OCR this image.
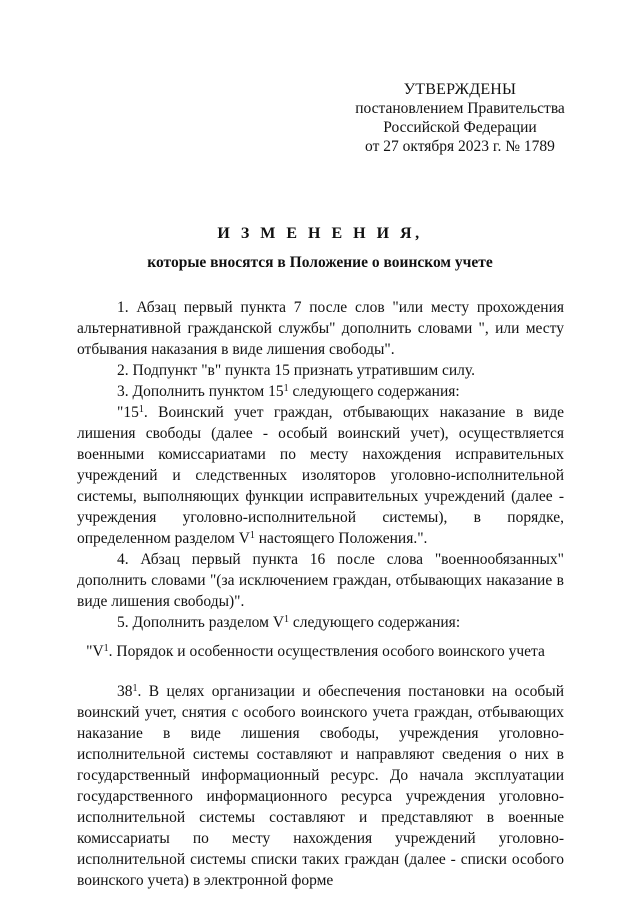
УТВЕРЖДЕНЫ
постановлением Правительства
Российской Федерации
от 27 октября 2023 г. № 1789
И З М Е Н Е Н И Я,
которые вносятся в Положение о воинском учете

1. Абзац первый пункта 7 после слов "или месту прохождения альтернативной гражданской службы" дополнить словами ", или месту отбывания наказания в виде лишения свободы".

2. Подпункт "в" пункта 15 признать утратившим силу.

3. Дополнить пунктом $15^1$ следующего содержания:

"$15^1$. Воинский учет граждан, отбывающих наказание в виде лишения свободы (далее - особый воинский учет), осуществляется военными комиссариатами по месту нахождения исправительных учреждений и следственных изоляторов уголовно-исполнительной системы, выполняющих функции исправительных учреждений (далее - учреждения уголовно-исполнительной системы), в порядке, определенном разделом $V^1$ настоящего Положения.".

4. Абзац первый пункта 16 после слова "военнообязанных" дополнить словами "(за исключением граждан, отбывающих наказание в виде лишения свободы)".

5. Дополнить разделом $V^1$ следующего содержания:

"$V^1$. Порядок и особенности осуществления особого воинского учета

$38^1$. В целях организации и обеспечения постановки на особый воинский учет, снятия с особого воинского учета граждан, отбывающих наказание в виде лишения свободы, учреждения уголовно-исполнительной системы составляют и направляют сведения о них в государственный информационный ресурс. До начала эксплуатации государственного информационного ресурса учреждения уголовно-исполнительной системы составляют и представляют в военные комиссариаты по месту нахождения учреждений уголовно-исполнительной системы списки таких граждан (далее - списки особого воинского учета) в электронной форме
